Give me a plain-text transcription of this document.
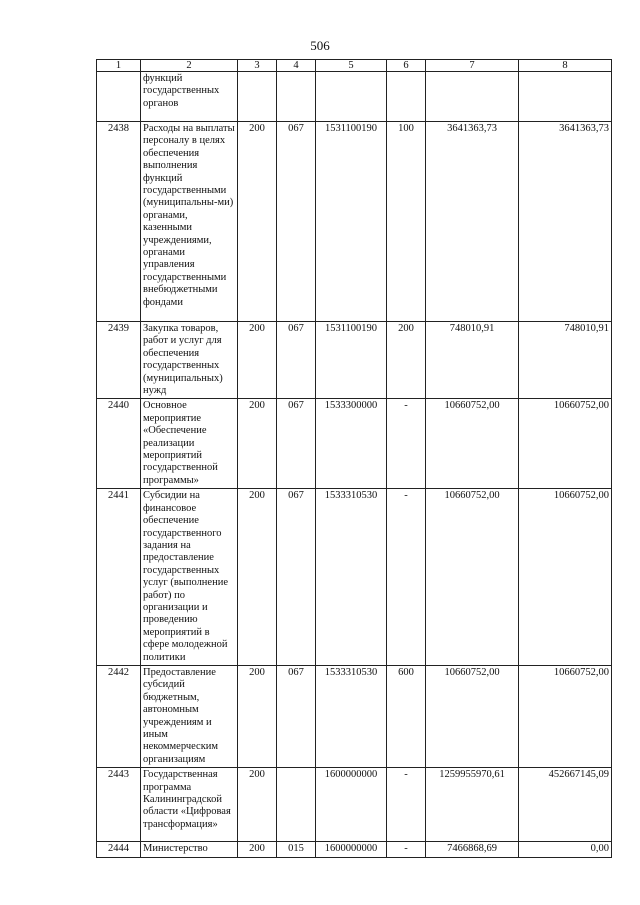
506
1	2	3	4	5	6	7	8
	функций государственных органов						
2438	Расходы на выплаты персоналу в целях обеспечения выполнения функций государственными (муниципальны-ми) органами, казенными учреждениями, органами управления государственными внебюджетными фондами	200	067	1531100190	100	3641363,73	3641363,73
2439	Закупка товаров, работ и услуг для обеспечения государственных (муниципальных) нужд	200	067	1531100190	200	748010,91	748010,91
2440	Основное мероприятие «Обеспечение реализации мероприятий государственной программы»	200	067	1533300000	-	10660752,00	10660752,00
2441	Субсидии на финансовое обеспечение государственного задания на предоставление государственных услуг (выполнение работ) по организации и проведению мероприятий в сфере молодежной политики	200	067	1533310530	-	10660752,00	10660752,00
2442	Предоставление субсидий бюджетным, автономным учреждениям и иным некоммерческим организациям	200	067	1533310530	600	10660752,00	10660752,00
2443	Государственная программа Калининградской области «Цифровая трансформация»	200		1600000000	-	1259955970,61	452667145,09
2444	Министерство	200	015	1600000000	-	7466868,69	0,00
